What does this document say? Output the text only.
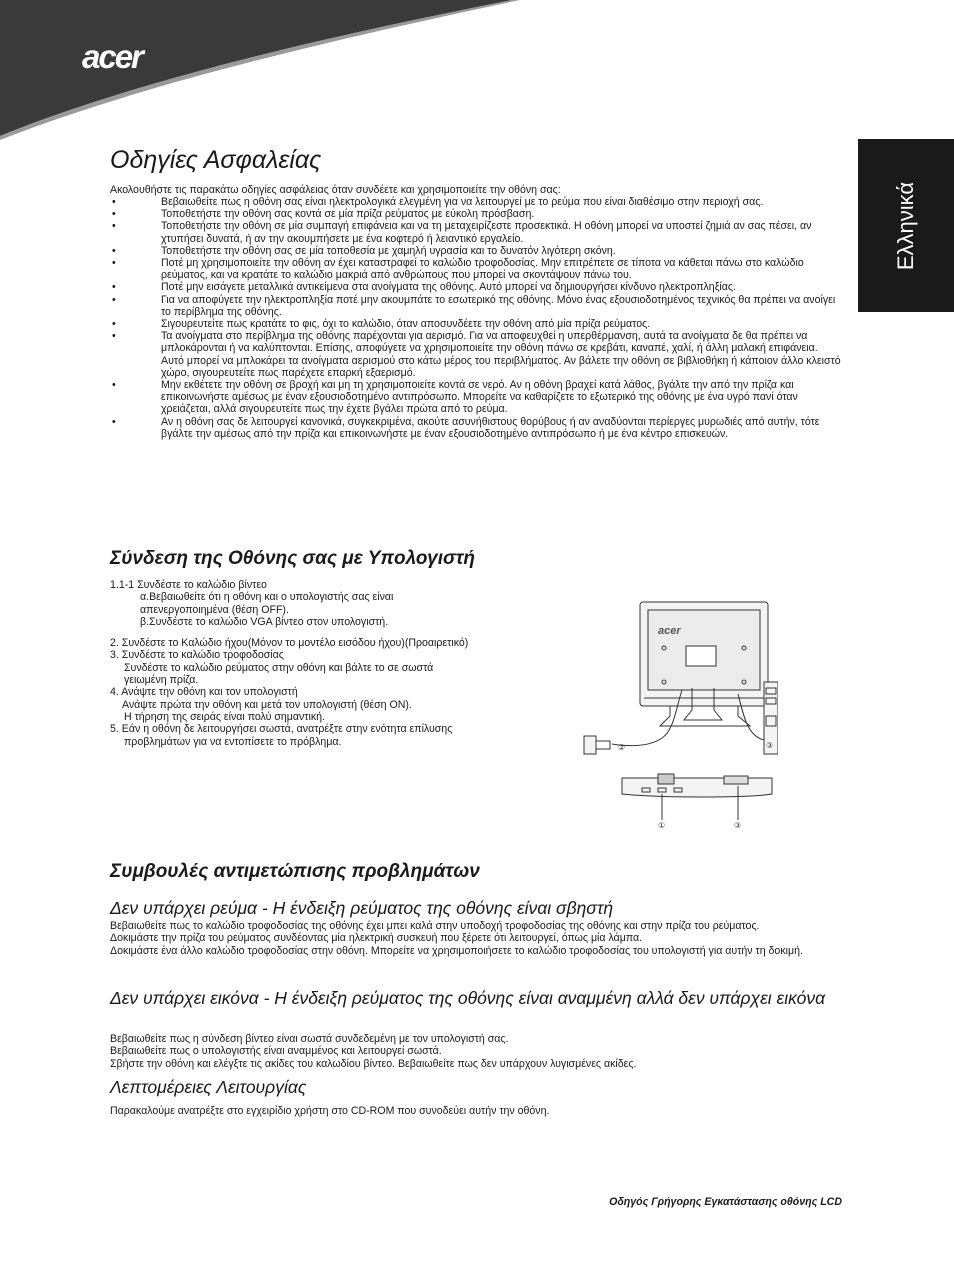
acer
Ελληνικά
Οδηγίες Ασφαλείας
Ακολουθήστε τις παρακάτω οδηγίες ασφάλειας όταν συνδέετε και χρησιμοποιείτε την οθόνη σας:
• Βεβαιωθείτε πως η οθόνη σας είναι ηλεκτρολογικά ελεγμένη για να λειτουργεί με το ρεύμα που είναι διαθέσιμο στην περιοχή σας.
• Τοποθετήστε την οθόνη σας κοντά σε μία πρίζα ρεύματος με εύκολη πρόσβαση.
• Τοποθετήστε την οθόνη σε μία συμπαγή επιφάνεια και να τη μεταχειρίζεστε προσεκτικά. Η οθόνη μπορεί να υποστεί ζημιά αν σας πέσει, αν χτυπήσει δυνατά, ή αν την ακουμπήσετε με ένα κοφτερό ή λειαντικό εργαλείο.
• Τοποθετήστε την οθόνη σας σε μία τοποθεσία με χαμηλή υγρασία και το δυνατόν λιγότερη σκόνη.
• Ποτέ μη χρησιμοποιείτε την οθόνη αν έχει καταστραφεί το καλώδιο τροφοδοσίας. Μην επιτρέπετε σε τίποτα να κάθεται πάνω στο καλώδιο ρεύματος, και να κρατάτε το καλώδιο μακριά από ανθρώπους που μπορεί να σκοντάψουν πάνω του.
• Ποτέ μην εισάγετε μεταλλικά αντικείμενα στα ανοίγματα της οθόνης. Αυτό μπορεί να δημιουργήσει κίνδυνο ηλεκτροπληξίας.
• Για να αποφύγετε την ηλεκτροπληξία ποτέ μην ακουμπάτε το εσωτερικό της οθόνης. Μόνο ένας εξουσιοδοτημένος τεχνικός θα πρέπει να ανοίγει το περίβλημα της οθόνης.
• Σιγουρευτείτε πως κρατάτε το φις, όχι το καλώδιο, όταν αποσυνδέετε την οθόνη από μία πρίζα ρεύματος.
• Τα ανοίγματα στο περίβλημα της οθόνης παρέχονται για αερισμό. Για να αποφευχθεί η υπερθέρμανση, αυτά τα ανοίγματα δε θα πρέπει να μπλοκάρονται ή να καλύπτονται. Επίσης, αποφύγετε να χρησιμοποιείτε την οθόνη πάνω σε κρεβάτι, καναπέ, χαλί, ή άλλη μαλακή επιφάνεια. Αυτό μπορεί να μπλοκάρει τα ανοίγματα αερισμού στο κάτω μέρος του περιβλήματος. Αν βάλετε την οθόνη σε βιβλιοθήκη ή κάποιον άλλο κλειστό χώρο, σιγουρευτείτε πως παρέχετε επαρκή εξαερισμό.
• Μην εκθέτετε την οθόνη σε βροχή και μη τη χρησιμοποιείτε κοντά σε νερό. Αν η οθόνη βραχεί κατά λάθος, βγάλτε την από την πρίζα και επικοινωνήστε αμέσως με έναν εξουσιοδοτημένο αντιπρόσωπο. Μπορείτε να καθαρίζετε το εξωτερικό της οθόνης με ένα υγρό πανί όταν χρειάζεται, αλλά σιγουρευτείτε πως την έχετε βγάλει πρώτα από το ρεύμα.
• Αν η οθόνη σας δε λειτουργεί κανονικά, συγκεκριμένα, ακούτε ασυνήθιστους θορύβους ή αν αναδύονται περίεργες μυρωδιές από αυτήν, τότε βγάλτε την αμέσως από την πρίζα και επικοινωνήστε με έναν εξουσιοδοτημένο αντιπρόσωπο ή με ένα κέντρο επισκευών.
Σύνδεση της Οθόνης σας με Υπολογιστή
1.1-1 Συνδέστε το καλώδιο βίντεο
α.Βεβαιωθείτε ότι η οθόνη και ο υπολογιστής σας είναι
απενεργοποιημένα (θέση OFF).
β.Συνδέστε το καλώδιο VGA βίντεο στον υπολογιστή.
2. Συνδέστε το Καλώδιο ήχου(Μόνον το μοντέλο εισόδου ήχου)(Προαιρετικό)
3. Συνδέστε το καλώδιο τροφοδοσίας
Συνδέστε το καλώδιο ρεύματος στην οθόνη και βάλτε το σε σωστά
γειωμένη πρίζα.
4. Ανάψτε την οθόνη και τον υπολογιστή
Ανάψτε πρώτα την οθόνη και μετά τον υπολογιστή (θέση ON).
Η τήρηση της σειράς είναι πολύ σημαντική.
5. Εάν η οθόνη δε λειτουργήσει σωστά, ανατρέξτε στην ενότητα επίλυσης
προβλημάτων για να εντοπίσετε το πρόβλημα.
acer
②	③
①	③
Συμβουλές αντιμετώπισης προβλημάτων
Δεν υπάρχει ρεύμα - Η ένδειξη ρεύματος της οθόνης είναι σβηστή
Βεβαιωθείτε πως το καλώδιο τροφοδοσίας της οθόνης έχει μπει καλά στην υποδοχή τροφοδοσίας της οθόνης και στην πρίζα του ρεύματος.
Δοκιμάστε την πρίζα του ρεύματος συνδέοντας μία ηλεκτρική συσκευή που ξέρετε ότι λειτουργεί, όπως μία λάμπα.
Δοκιμάστε ένα άλλο καλώδιο τροφοδοσίας στην οθόνη. Μπορείτε να χρησιμοποιήσετε το καλώδιο τροφοδοσίας του υπολογιστή για αυτήν τη δοκιμή.
Δεν υπάρχει εικόνα - Η ένδειξη ρεύματος της οθόνης είναι αναμμένη αλλά δεν υπάρχει εικόνα
Βεβαιωθείτε πως η σύνδεση βίντεο είναι σωστά συνδεδεμένη με τον υπολογιστή σας.
Βεβαιωθείτε πως ο υπολογιστής είναι αναμμένος και λειτουργεί σωστά.
Σβήστε την οθόνη και ελέγξτε τις ακίδες του καλωδίου βίντεο. Βεβαιωθείτε πως δεν υπάρχουν λυγισμένες ακίδες.
Λεπτομέρειες Λειτουργίας
Παρακαλούμε ανατρέξτε στο εγχειρίδιο χρήστη στο CD-ROM που συνοδεύει αυτήν την οθόνη.
Οδηγός Γρήγορης Εγκατάστασης οθόνης LCD
